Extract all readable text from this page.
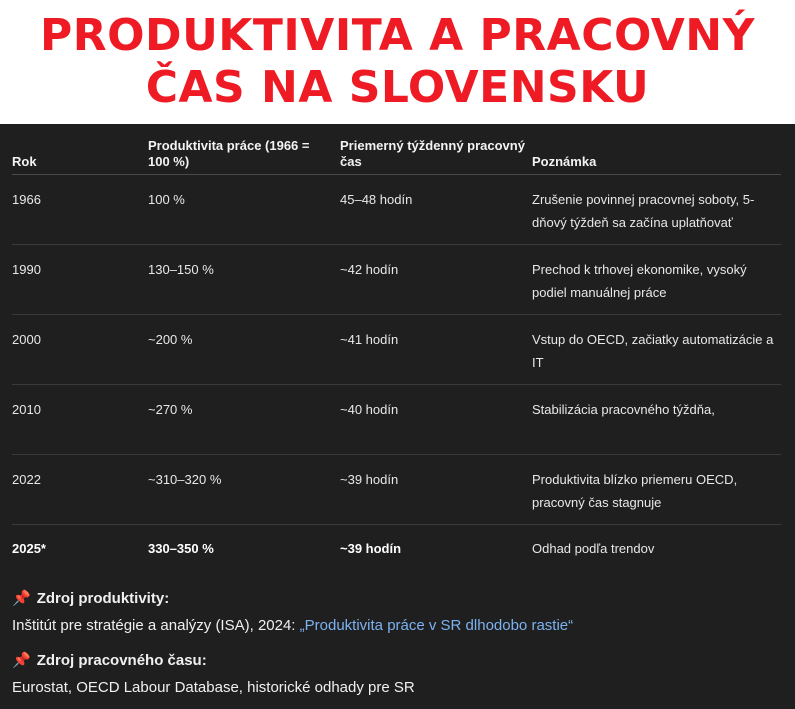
PRODUKTIVITA A PRACOVNÝ
ČAS NA SLOVENSKU
Rok	Produktivita práce (1966 = 100 %)	Priemerný týždenný pracovný čas	Poznámka
1966	100 %	45–48 hodín	Zrušenie povinnej pracovnej soboty, 5-dňový týždeň sa začína uplatňovať
1990	130–150 %	~42 hodín	Prechod k trhovej ekonomike, vysoký podiel manuálnej práce
2000	~200 %	~41 hodín	Vstup do OECD, začiatky automatizácie a IT
2010	~270 %	~40 hodín	Stabilizácia pracovného týždňa,
2022	~310–320 %	~39 hodín	Produktivita blízko priemeru OECD, pracovný čas stagnuje
2025*	330–350 %	~39 hodín	Odhad podľa trendov
📌 Zdroj produktivity:
Inštitút pre stratégie a analýzy (ISA), 2024: „Produktivita práce v SR dlhodobo rastie“
📌 Zdroj pracovného času:
Eurostat, OECD Labour Database, historické odhady pre SR
